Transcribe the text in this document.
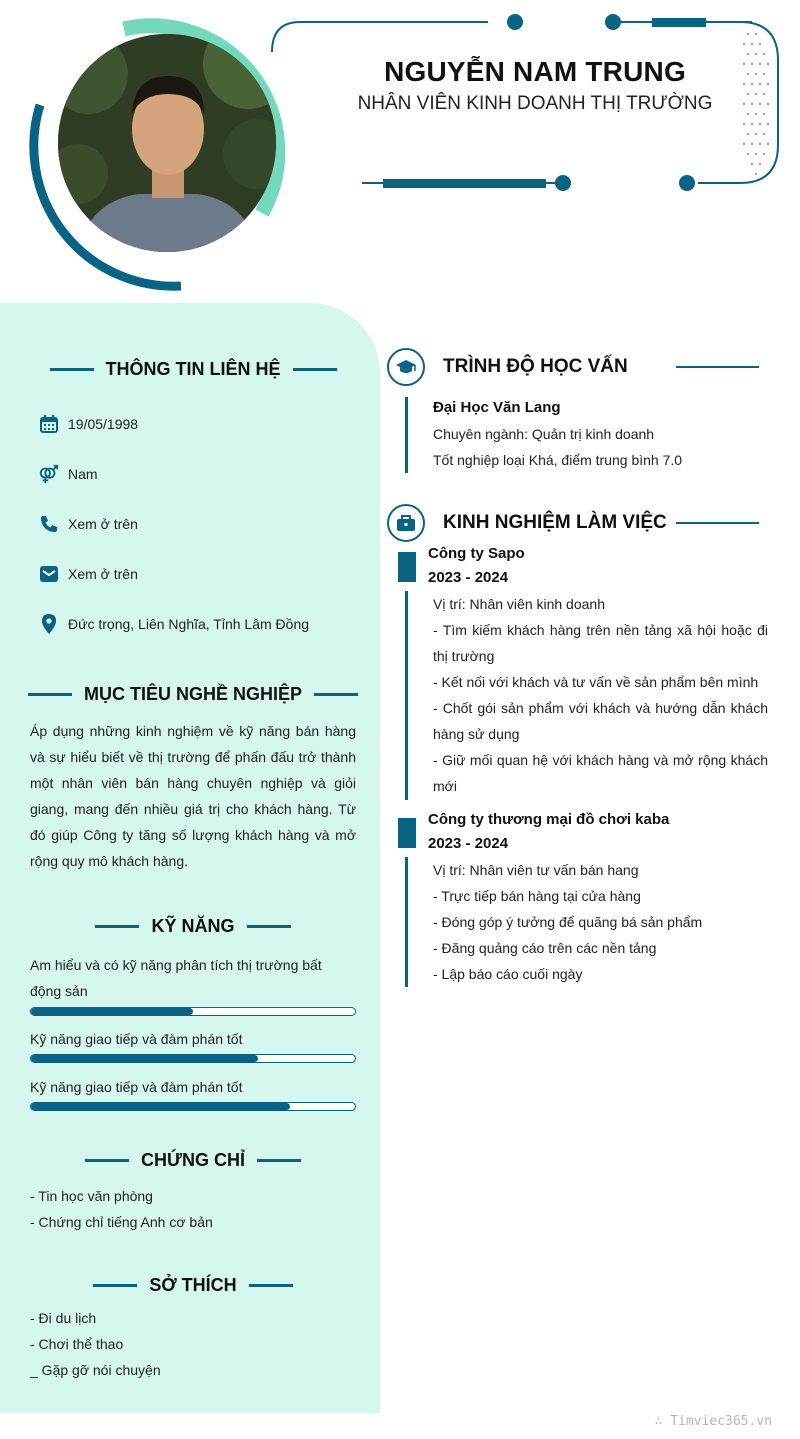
NGUYỄN NAM TRUNG
NHÂN VIÊN KINH DOANH THỊ TRƯỜNG
THÔNG TIN LIÊN HỆ
19/05/1998
Nam
Xem ở trên
Xem ở trên
Đức trọng, Liên Nghĩa, Tỉnh Lâm Đồng
MỤC TIÊU NGHỀ NGHIỆP
Áp dụng những kinh nghiệm về kỹ năng bán hàng và sự hiểu biết về thị trường để phấn đấu trở thành một nhân viên bán hàng chuyên nghiệp và giỏi giang, mang đến nhiều giá trị cho khách hàng. Từ đó giúp Công ty tăng số lượng khách hàng và mở rộng quy mô khách hàng.
KỸ NĂNG
Am hiểu và có kỹ năng phân tích thị trường bất động sản
Kỹ năng giao tiếp và đàm phán tốt
Kỹ năng giao tiếp và đàm phán tốt
CHỨNG CHỈ
- Tin học văn phòng
- Chứng chỉ tiếng Anh cơ bản
SỞ THÍCH
- Đi du lịch
- Chơi thể thao
_ Gặp gỡ nói chuyện
TRÌNH ĐỘ HỌC VẤN
Đại Học Văn Lang
Chuyên ngành: Quản trị kinh doanh
Tốt nghiệp loại Khá, điểm trung bình 7.0
KINH NGHIỆM LÀM VIỆC
Công ty Sapo
2023 - 2024
Vị trí: Nhân viên kinh doanh
- Tìm kiếm khách hàng trên nền tảng xã hội hoặc đi thị trường
- Kết nối với khách và tư vấn về sản phẩm bên mình
- Chốt gói sản phẩm với khách và hướng dẫn khách hàng sử dụng
- Giữ mối quan hệ với khách hàng và mở rộng khách mới
Công ty thương mại đồ chơi kaba
2023 - 2024
Vị trí: Nhân viên tư vấn bán hang
- Trực tiếp bán hàng tại cửa hàng
- Đóng góp ý tưởng để quãng bá sản phẩm
- Đăng quảng cáo trên các nền tảng
- Lập báo cáo cuối ngày
∴ Timviec365.vn
